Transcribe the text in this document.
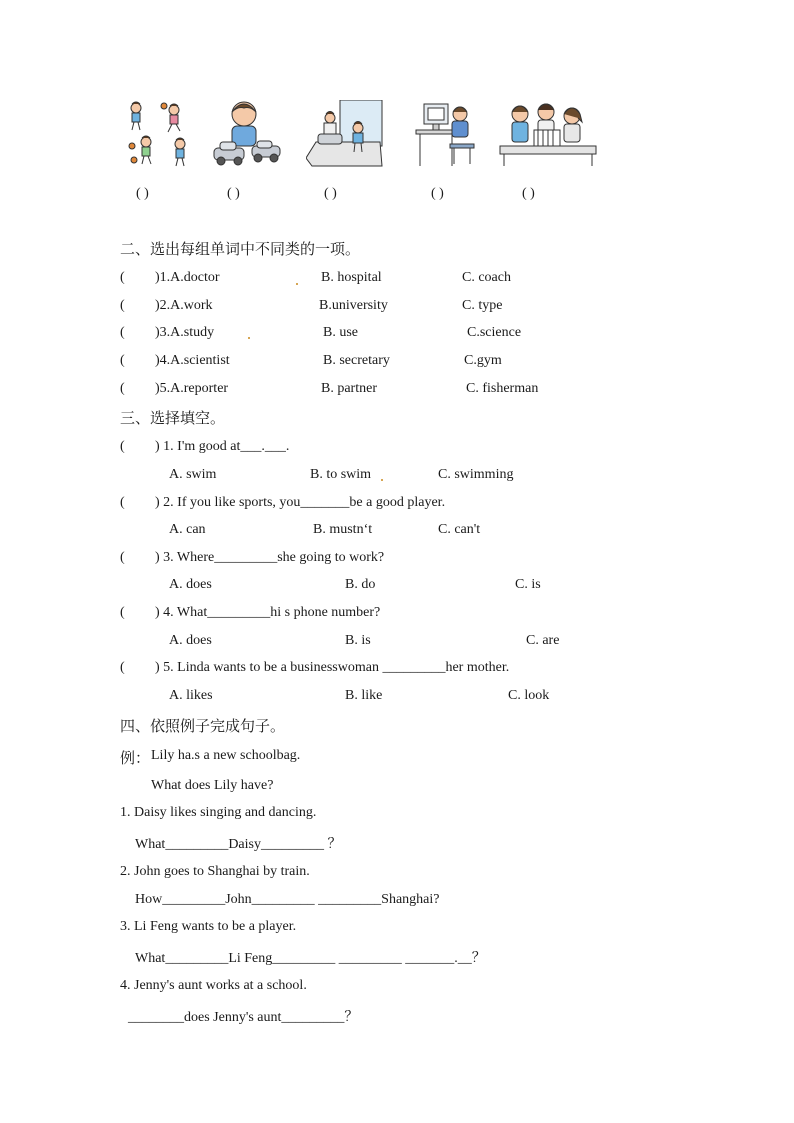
( )	( )	( )	( )	( )
二、选出每组单词中不同类的一项。
( )1.A.doctor	B. hospital	C. coach
( )2.A.work	B.university	C. type
( )3.A.study	B. use	C.science
( )4.A.scientist	B. secretary	C.gym
( )5.A.reporter	B. partner	C. fisherman
三、选择填空。
( ) 1. I'm good at___.___.
A. swim	B. to swim	C. swimming
( ) 2. If you like sports, you_______be a good player.
A. can	B. mustn‘t	C. can't
( ) 3. Where_________she going to work?
A. does	B. do	C. is
( ) 4. What_________hi s phone number?
A. does	B. is	C. are
( ) 5. Linda wants to be a businesswoman _________her mother.
A. likes	B. like	C. look
四、依照例子完成句子。
例： Lily ha.s a new schoolbag.
What does Lily have?
1. Daisy likes singing and dancing.
What_________Daisy_________ ？
2. John goes to Shanghai by train.
How_________John_________ _________Shanghai?
3. Li Feng wants to be a player.
What_________Li Feng_________ _________ _______.__？
4. Jenny's aunt works at a school.
________does Jenny's aunt_________？
